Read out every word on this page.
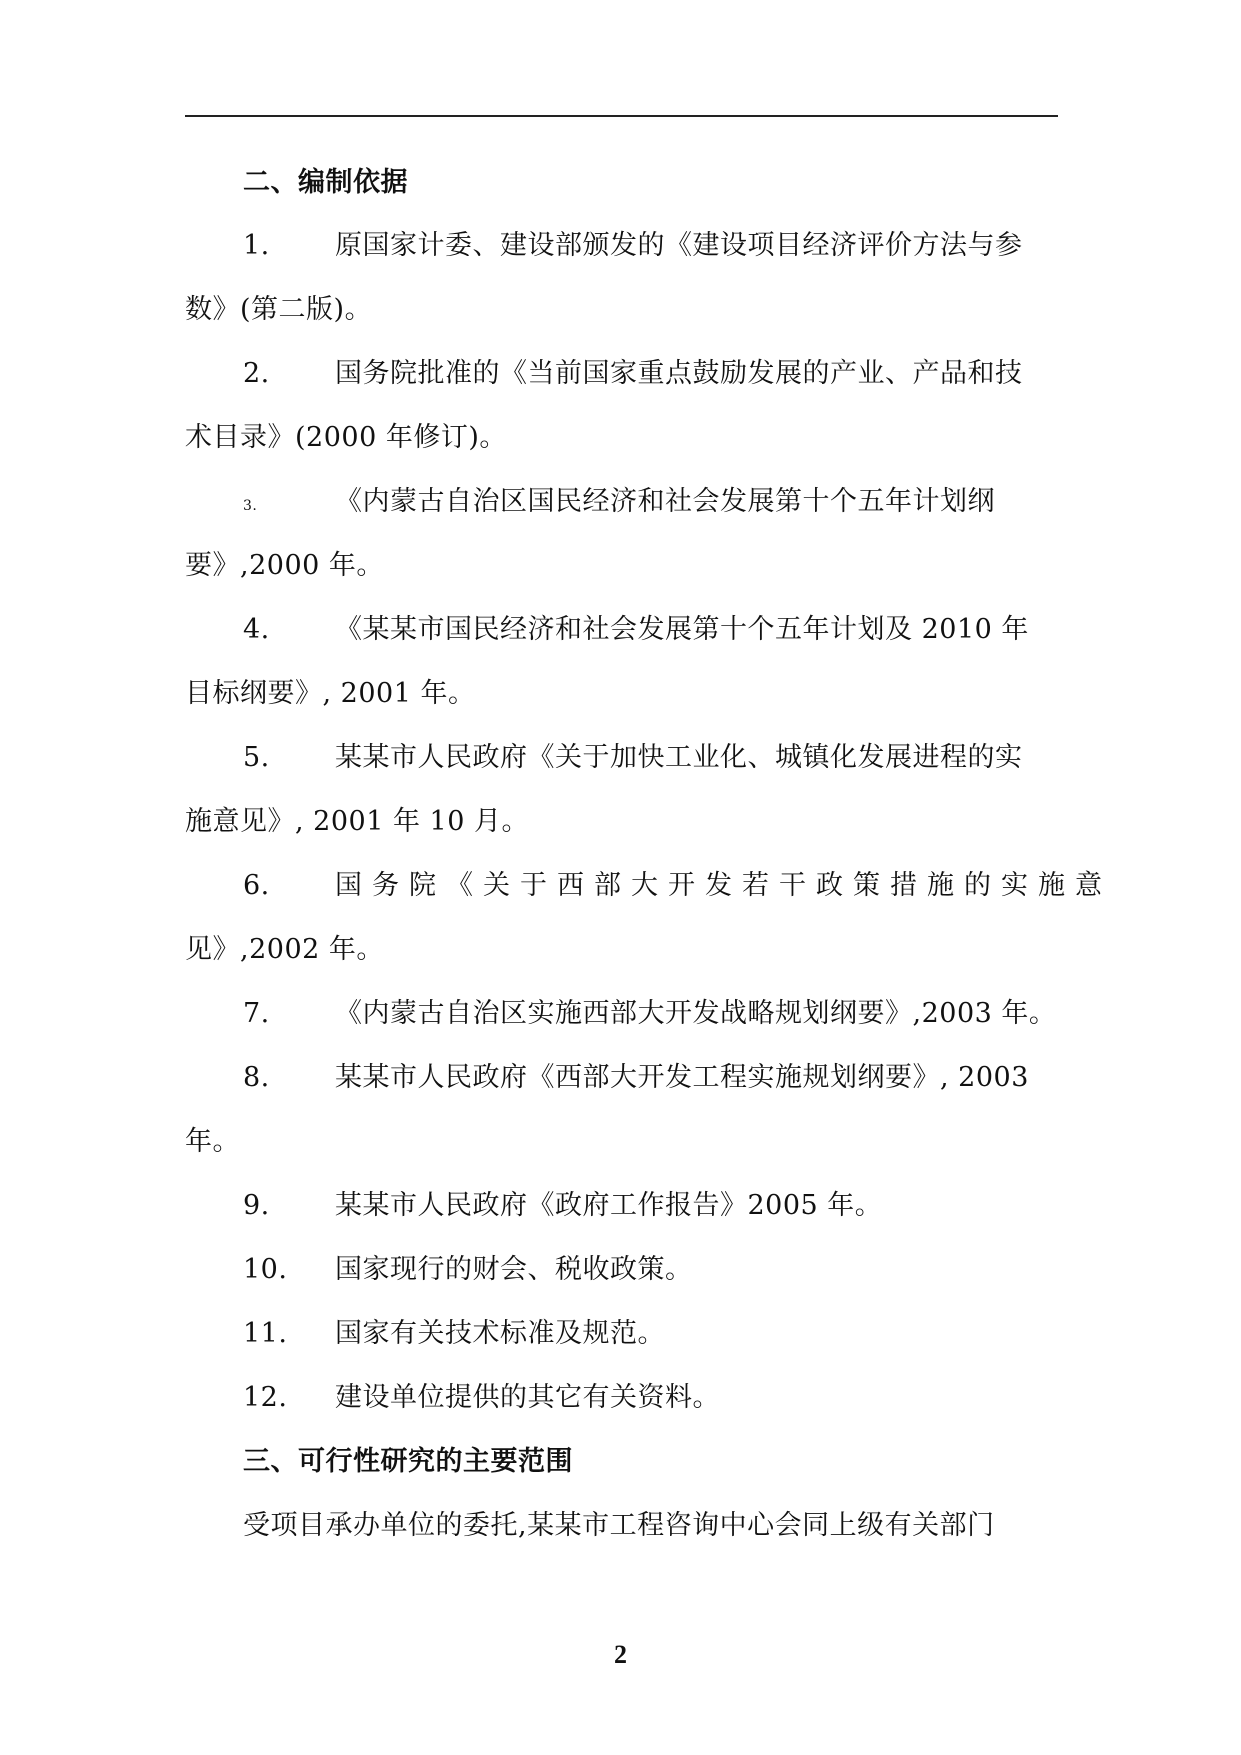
二、编制依据
1. 原国家计委、建设部颁发的《建设项目经济评价方法与参
数》(第二版)。
2. 国务院批准的《当前国家重点鼓励发展的产业、产品和技
术目录》(2000 年修订)。
3.	《内蒙古自治区国民经济和社会发展第十个五年计划纲
要》,2000 年。
4. 《某某市国民经济和社会发展第十个五年计划及 2010 年
目标纲要》, 2001 年。
5. 某某市人民政府《关于加快工业化、城镇化发展进程的实
施意见》, 2001 年 10 月。
6. 国务院《关于西部大开发若干政策措施的实施意
见》,2002 年。
7. 《内蒙古自治区实施西部大开发战略规划纲要》,2003 年。
8. 某某市人民政府《西部大开发工程实施规划纲要》, 2003
年。
9. 某某市人民政府《政府工作报告》2005 年。
10. 国家现行的财会、税收政策。
11. 国家有关技术标准及规范。
12. 建设单位提供的其它有关资料。
三、可行性研究的主要范围
受项目承办单位的委托,某某市工程咨询中心会同上级有关部门
2
